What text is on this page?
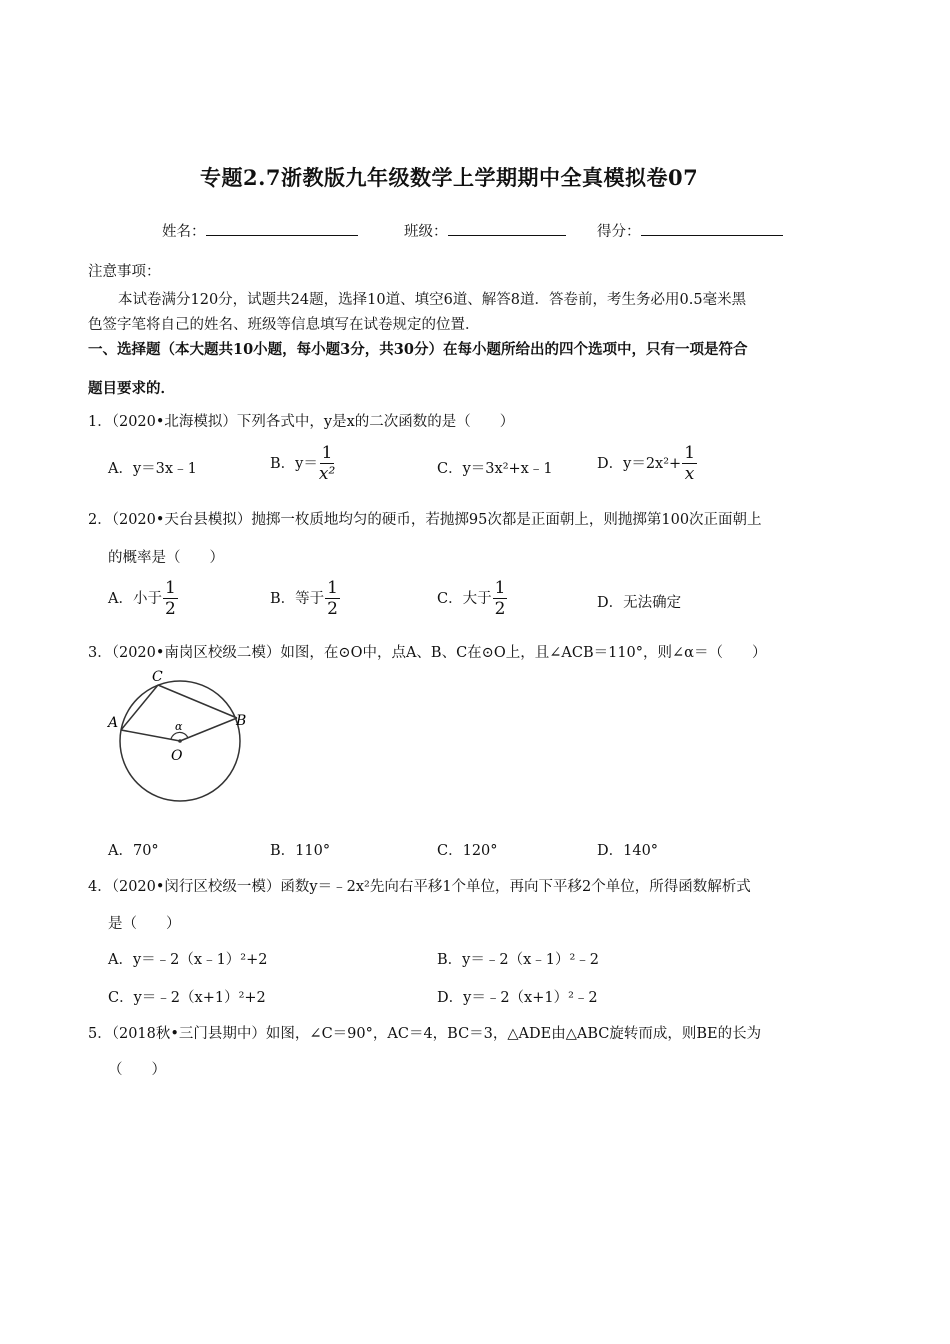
专题2.7浙教版九年级数学上学期期中全真模拟卷07
姓名：	班级：	得分：
注意事项：
本试卷满分120分，试题共24题，选择10道、填空6道、解答8道．答卷前，考生务必用0.5毫米黑
色签字笔将自己的姓名、班级等信息填写在试卷规定的位置．
一、选择题（本大题共10小题，每小题3分，共30分）在每小题所给出的四个选项中，只有一项是符合
题目要求的．
1．（2020•北海模拟）下列各式中，y是x的二次函数的是（　　）
A．y＝3x﹣1	B．$y= \frac{1}{\text{x²}}$	C．y＝3x²+x﹣1	D．$y=2x^2+ \frac{1}{x}$
2．（2020•天台县模拟）抛掷一枚质地均匀的硬币，若抛掷95次都是正面朝上，则抛掷第100次正面朝上
的概率是（　　）
A．小于 $\frac{1}{2}$	B．等于 $\frac{1}{2}$	C．大于 $\frac{1}{2}$	D．无法确定
3．（2020•南岗区校级二模）如图，在⊙O中，点A、B、C在⊙O上，且∠ACB＝110°，则∠α＝（　　）
A
C
B
O
α
A．70°	B．110°	C．120°	D．140°
4．（2020•闵行区校级一模）函数y＝﹣2x²先向右平移1个单位，再向下平移2个单位，所得函数解析式
是（　　）
A．y＝﹣2（x﹣1）²+2	B．y＝﹣2（x﹣1）²﹣2
C．y＝﹣2（x+1）²+2	D．y＝﹣2（x+1）²﹣2
5．（2018秋•三门县期中）如图，∠C＝90°，AC＝4，BC＝3，△ADE由△ABC旋转而成，则BE的长为
（　　）
